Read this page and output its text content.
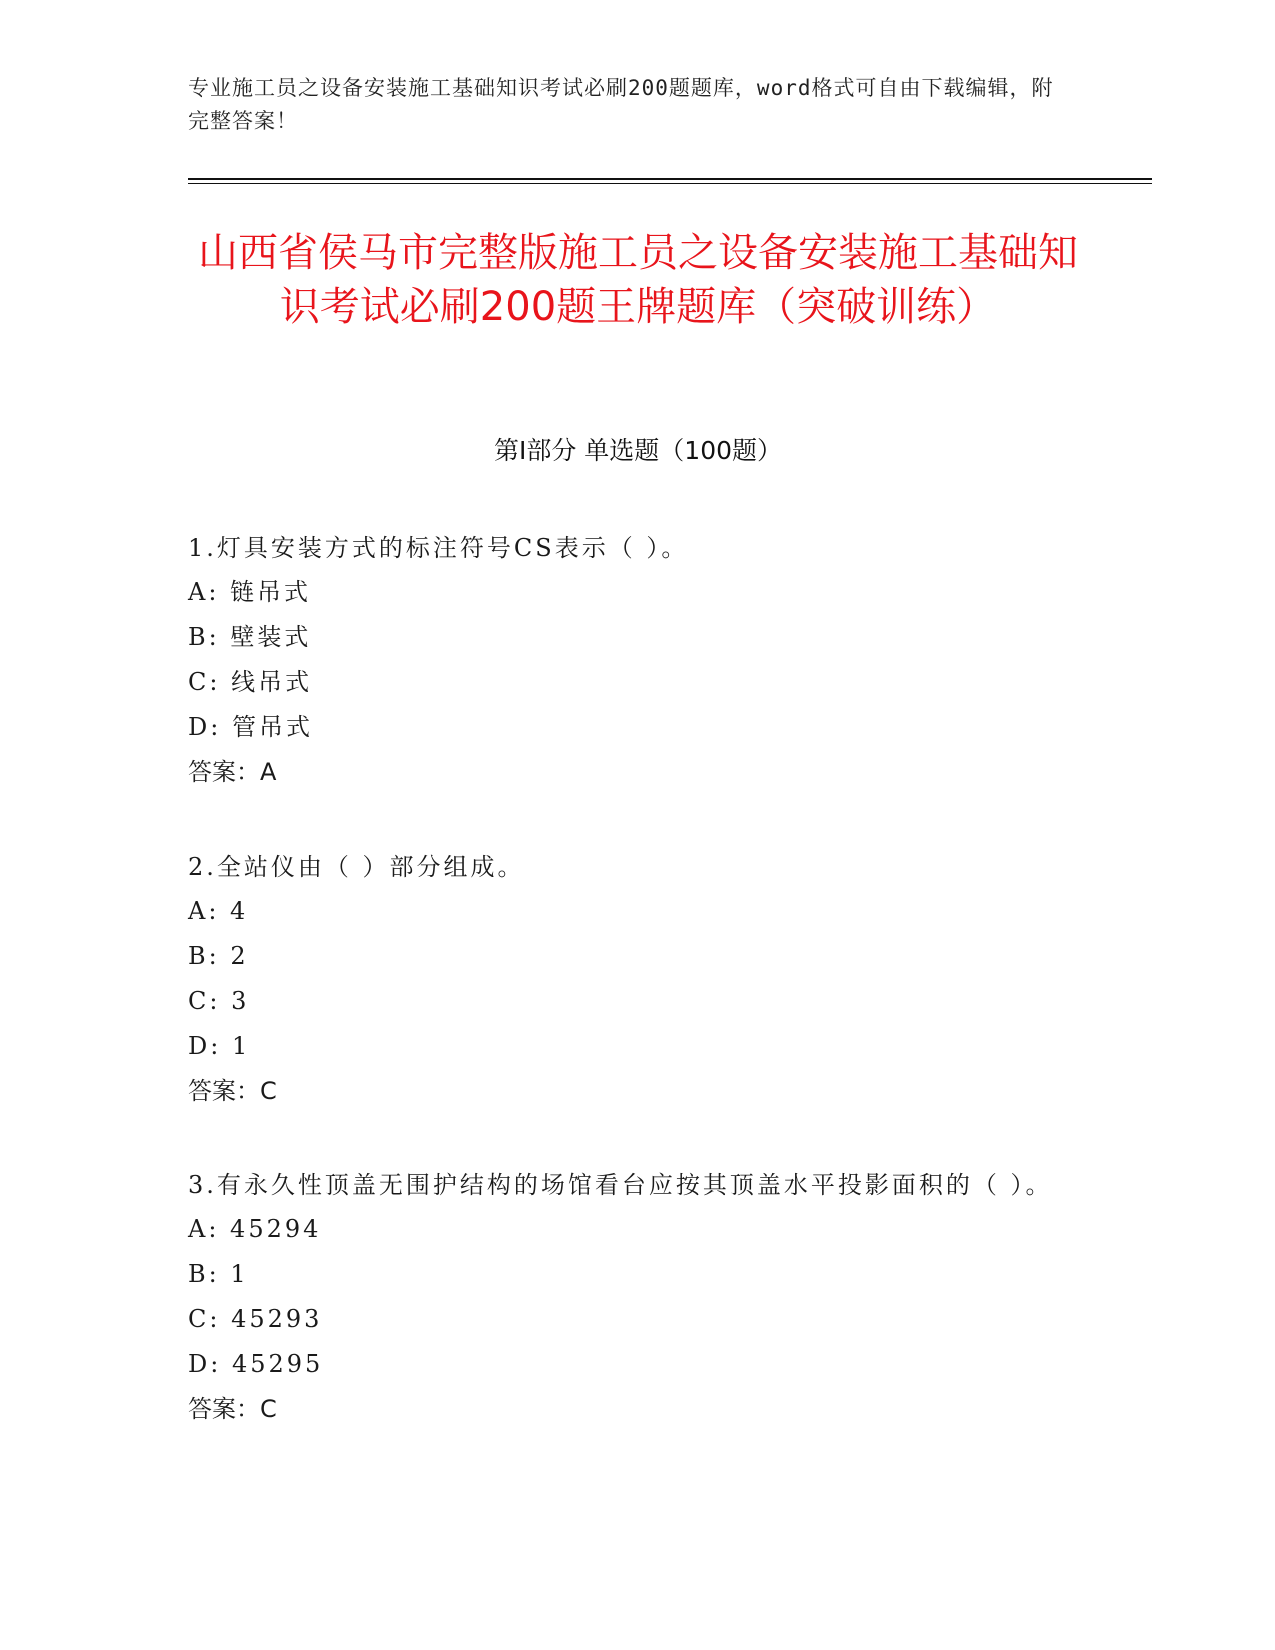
专业施工员之设备安装施工基础知识考试必刷200题题库，word格式可自由下载编辑，附完整答案！
山西省侯马市完整版施工员之设备安装施工基础知识考试必刷200题王牌题库（突破训练）
第Ⅰ部分 单选题（100题）
1.灯具安装方式的标注符号CS表示（ ）。
A: 链吊式
B: 壁装式
C: 线吊式
D: 管吊式
答案：A
2.全站仪由（ ）部分组成。
A: 4
B: 2
C: 3
D: 1
答案：C
3.有永久性顶盖无围护结构的场馆看台应按其顶盖水平投影面积的（ ）。
A: 45294
B: 1
C: 45293
D: 45295
答案：C
